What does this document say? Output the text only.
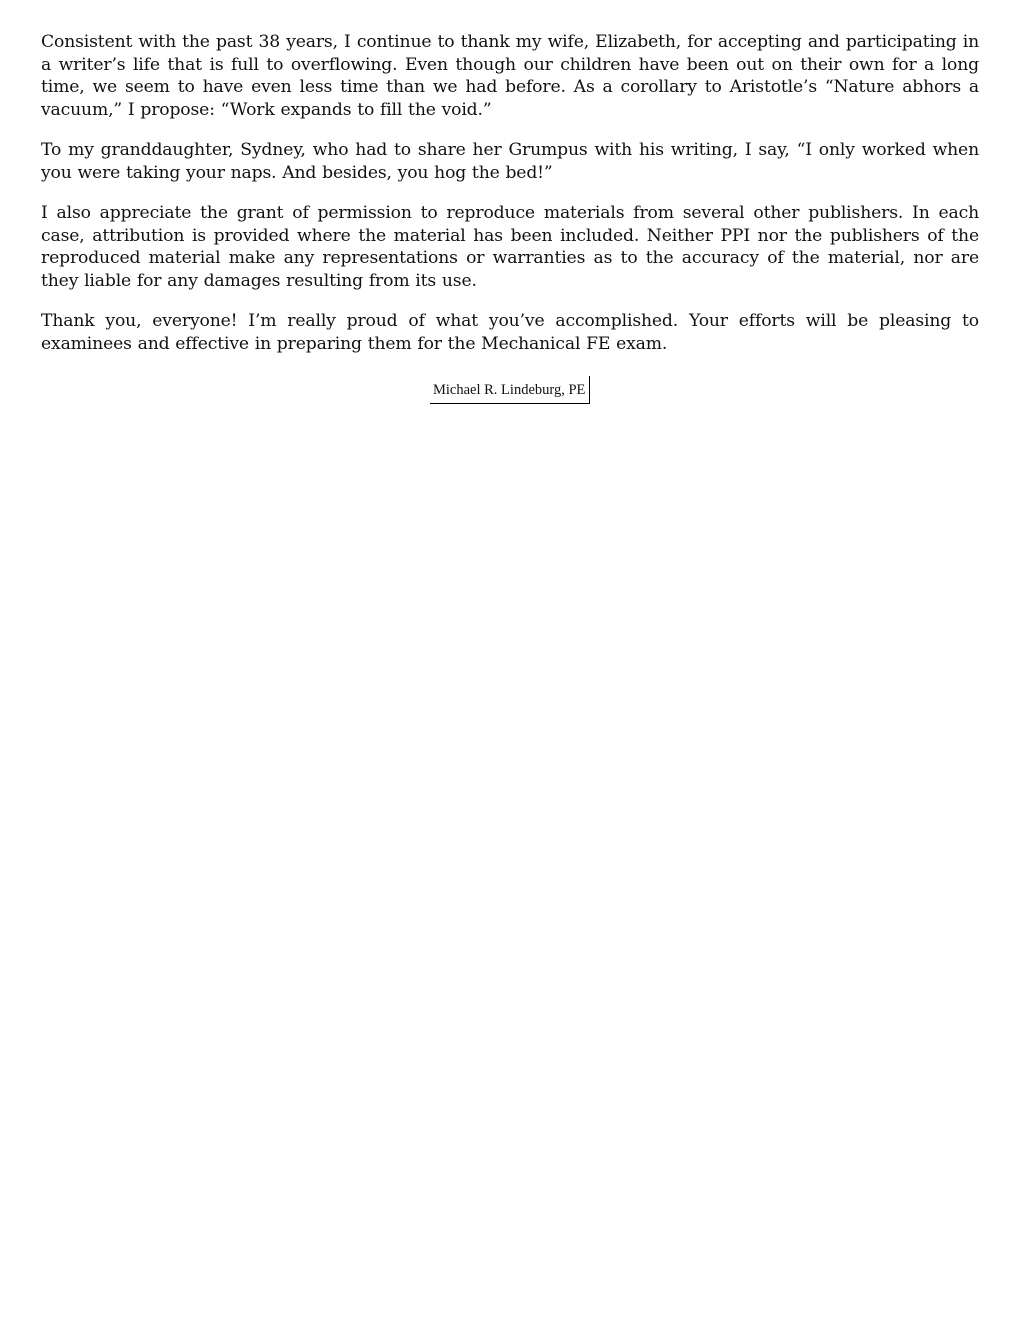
Consistent with the past 38 years, I continue to thank my wife, Elizabeth, for accepting and participating in a writer’s life that is full to overflowing. Even though our children have been out on their own for a long time, we seem to have even less time than we had before. As a corollary to Aristotle’s “Nature abhors a vacuum,” I propose: “Work expands to fill the void.”

To my granddaughter, Sydney, who had to share her Grumpus with his writing, I say, “I only worked when you were taking your naps. And besides, you hog the bed!”

I also appreciate the grant of permission to reproduce materials from several other publishers. In each case, attribution is provided where the material has been included. Neither PPI nor the publishers of the reproduced material make any representations or warranties as to the accuracy of the material, nor are they liable for any damages resulting from its use.

Thank you, everyone! I’m really proud of what you’ve accomplished. Your efforts will be pleasing to examinees and effective in preparing them for the Mechanical FE exam.

Michael R. Lindeburg, PE
